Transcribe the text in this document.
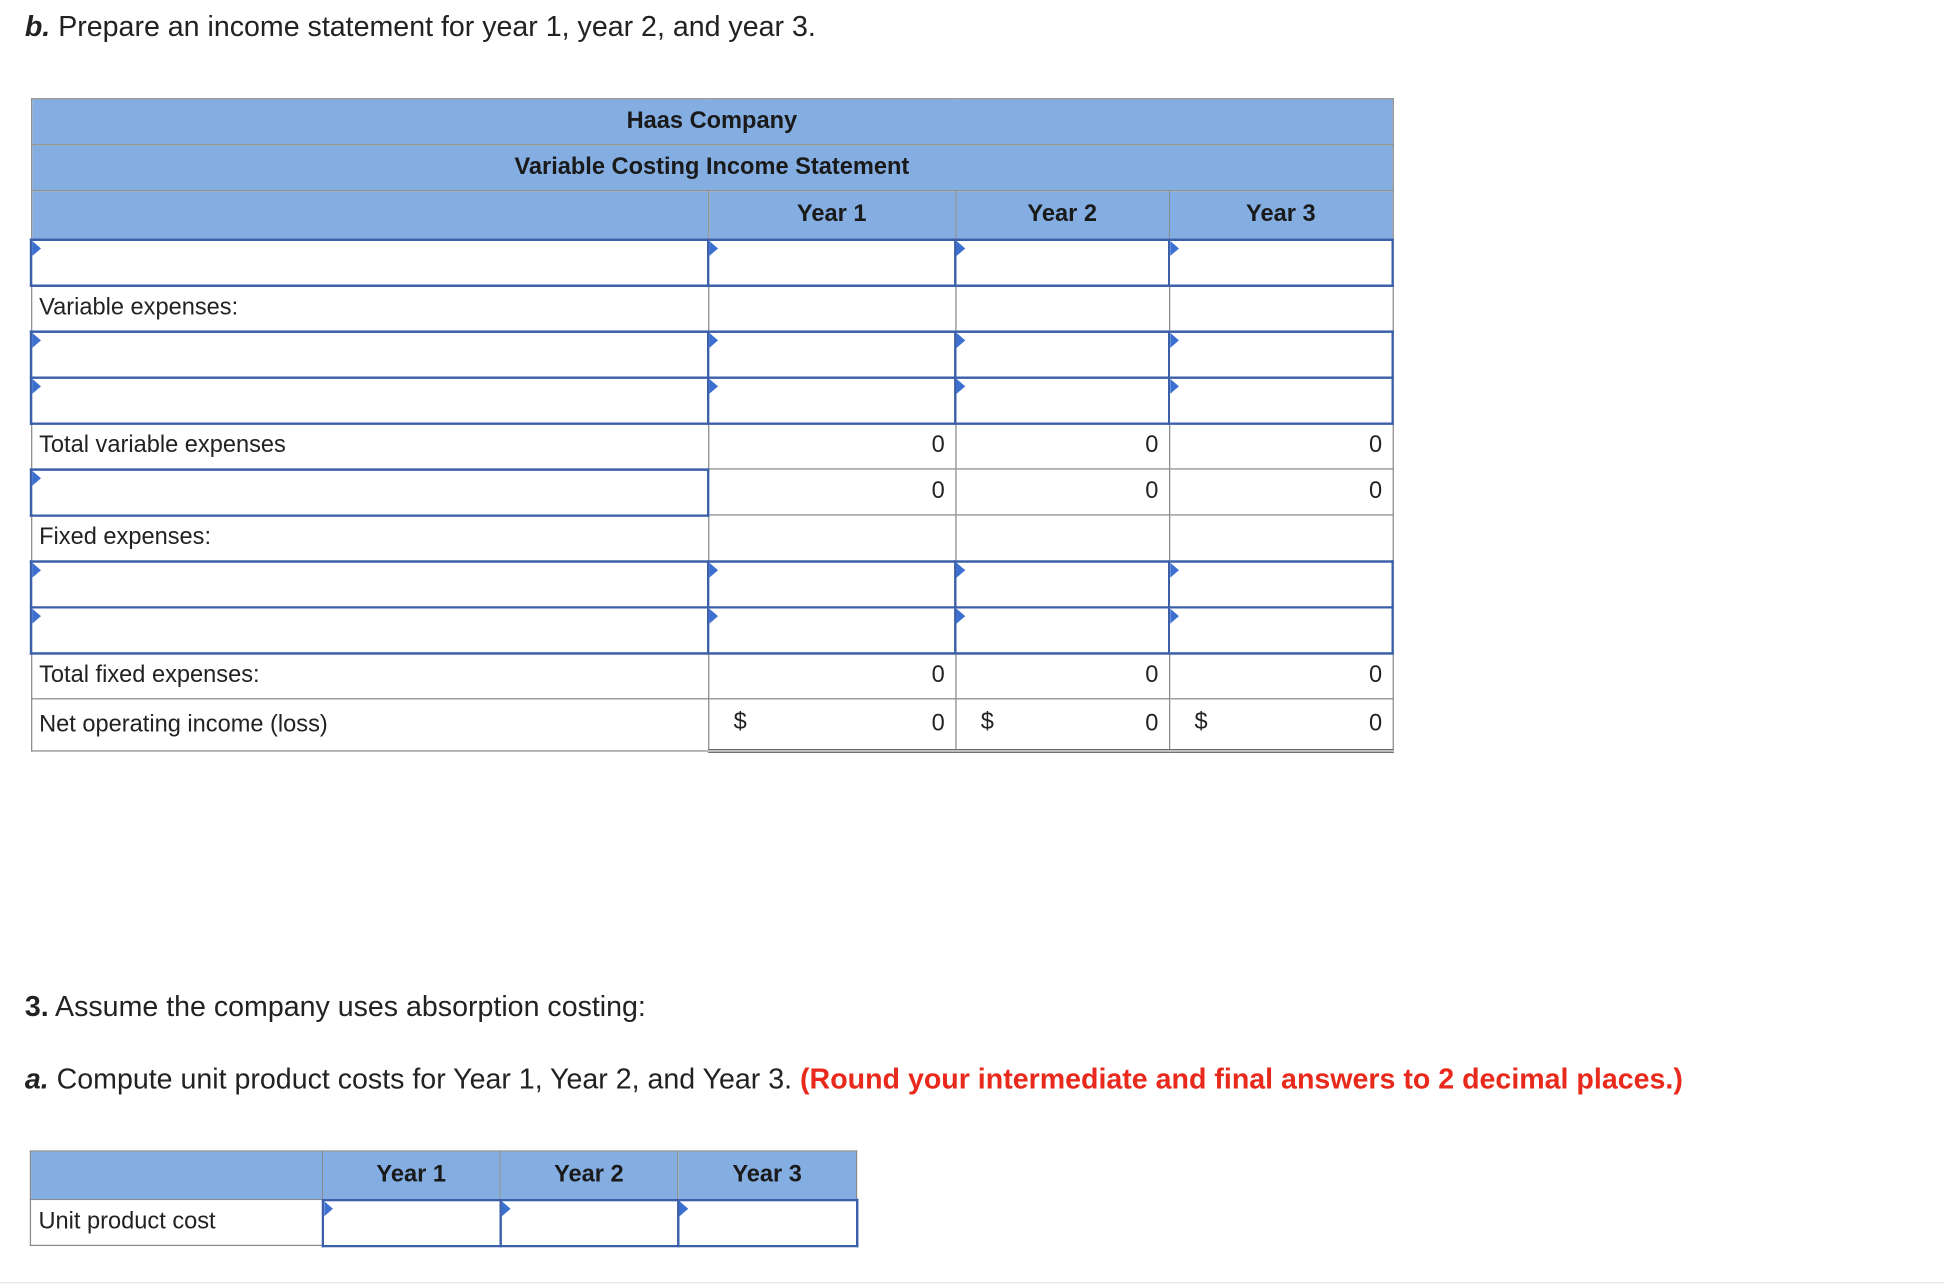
b. Prepare an income statement for year 1, year 2, and year 3.
Haas Company			
Variable Costing Income Statement			
	Year 1	Year 2	Year 3

Variable expenses:			

Total variable expenses	0	0	0
	0	0	0
Fixed expenses:			

Total fixed expenses:	0	0	0
Net operating income (loss)	$ 0	$ 0	$ 0
3. Assume the company uses absorption costing:
a. Compute unit product costs for Year 1, Year 2, and Year 3. (Round your intermediate and final answers to 2 decimal places.)
	Year 1	Year 2	Year 3
Unit product cost			
